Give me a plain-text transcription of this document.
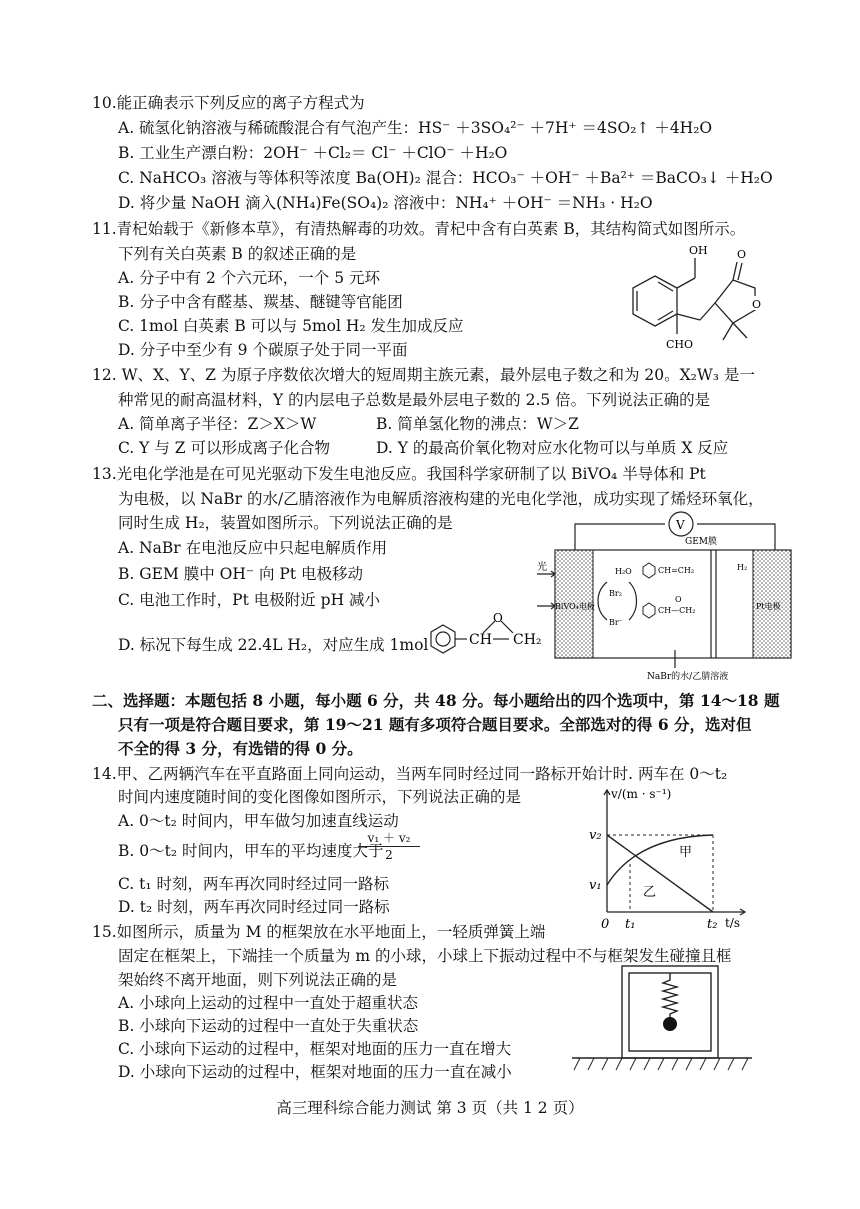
10.能正确表示下列反应的离子方程式为
A. 硫氢化钠溶液与稀硫酸混合有气泡产生：HS⁻ ＋3SO₄²⁻ ＋7H⁺ ＝4SO₂↑ ＋4H₂O
B. 工业生产漂白粉：2OH⁻ ＋Cl₂＝ Cl⁻ ＋ClO⁻ ＋H₂O
C. NaHCO₃ 溶液与等体积等浓度 Ba(OH)₂ 混合：HCO₃⁻ ＋OH⁻ ＋Ba²⁺ ＝BaCO₃↓ ＋H₂O
D. 将少量 NaOH 滴入(NH₄)Fe(SO₄)₂ 溶液中：NH₄⁺ ＋OH⁻ ＝NH₃ · H₂O
11.青杞始载于《新修本草》，有清热解毒的功效。青杞中含有白英素 B，其结构简式如图所示。
下列有关白英素 B 的叙述正确的是
A. 分子中有 2 个六元环，一个 5 元环
B. 分子中含有醛基、羰基、醚键等官能团
C. 1mol 白英素 B 可以与 5mol H₂ 发生加成反应
D. 分子中至少有 9 个碳原子处于同一平面
OH	O
O
CHO
12. W、X、Y、Z 为原子序数依次增大的短周期主族元素，最外层电子数之和为 20。X₂W₃ 是一
种常见的耐高温材料，Y 的内层电子总数是最外层电子数的 2.5 倍。下列说法正确的是
A. 简单离子半径：Z＞X＞W	B. 简单氢化物的沸点：W＞Z
C. Y 与 Z 可以形成离子化合物	D. Y 的最高价氧化物对应水化物可以与单质 X 反应
13.光电化学池是在可见光驱动下发生电池反应。我国科学家研制了以 BiVO₄ 半导体和 Pt
为电极，以 NaBr 的水/乙腈溶液作为电解质溶液构建的光电化学池，成功实现了烯烃环氧化，
同时生成 H₂，装置如图所示。下列说法正确的是
A. NaBr 在电池反应中只起电解质作用
B. GEM 膜中 OH⁻ 向 Pt 电极移动
C. 电池工作时，Pt 电极附近 pH 减小
D. 标况下每生成 22.4L H₂，对应生成 1mol	CH CH₂
O
V
GEM膜
光
BiVO₄电极	Pt电极
H₂O
Br₂
Br⁻
H₂
CH=CH₂
CH—CH₂
O
NaBr的水/乙腈溶液
二、选择题：本题包括 8 小题，每小题 6 分，共 48 分。每小题给出的四个选项中，第 14～18 题
只有一项是符合题目要求，第 19～21 题有多项符合题目要求。全部选对的得 6 分，选对但
不全的得 3 分，有选错的得 0 分。
14.甲、乙两辆汽车在平直路面上同向运动，当两车同时经过同一路标开始计时. 两车在 0～t₂
时间内速度随时间的变化图像如图所示，下列说法正确的是
A. 0～t₂ 时间内，甲车做匀加速直线运动
B. 0～t₂ 时间内，甲车的平均速度大于
$\frac{\text{v₁ ＋ v₂}}{2}$
C. t₁ 时刻，两车再次同时经过同一路标
D. t₂ 时刻，两车再次同时经过同一路标
甲
乙
0 t₁	t₂
v₁
v₂
v/(m · s⁻¹)
t/s
15.如图所示，质量为 M 的框架放在水平地面上，一轻质弹簧上端
固定在框架上，下端挂一个质量为 m 的小球，小球上下振动过程中不与框架发生碰撞且框
架始终不离开地面，则下列说法正确的是
A. 小球向上运动的过程中一直处于超重状态
B. 小球向下运动的过程中一直处于失重状态
C. 小球向下运动的过程中，框架对地面的压力一直在增大
D. 小球向下运动的过程中，框架对地面的压力一直在减小
高三理科综合能力测试 第 3 页（共 1 2 页）
